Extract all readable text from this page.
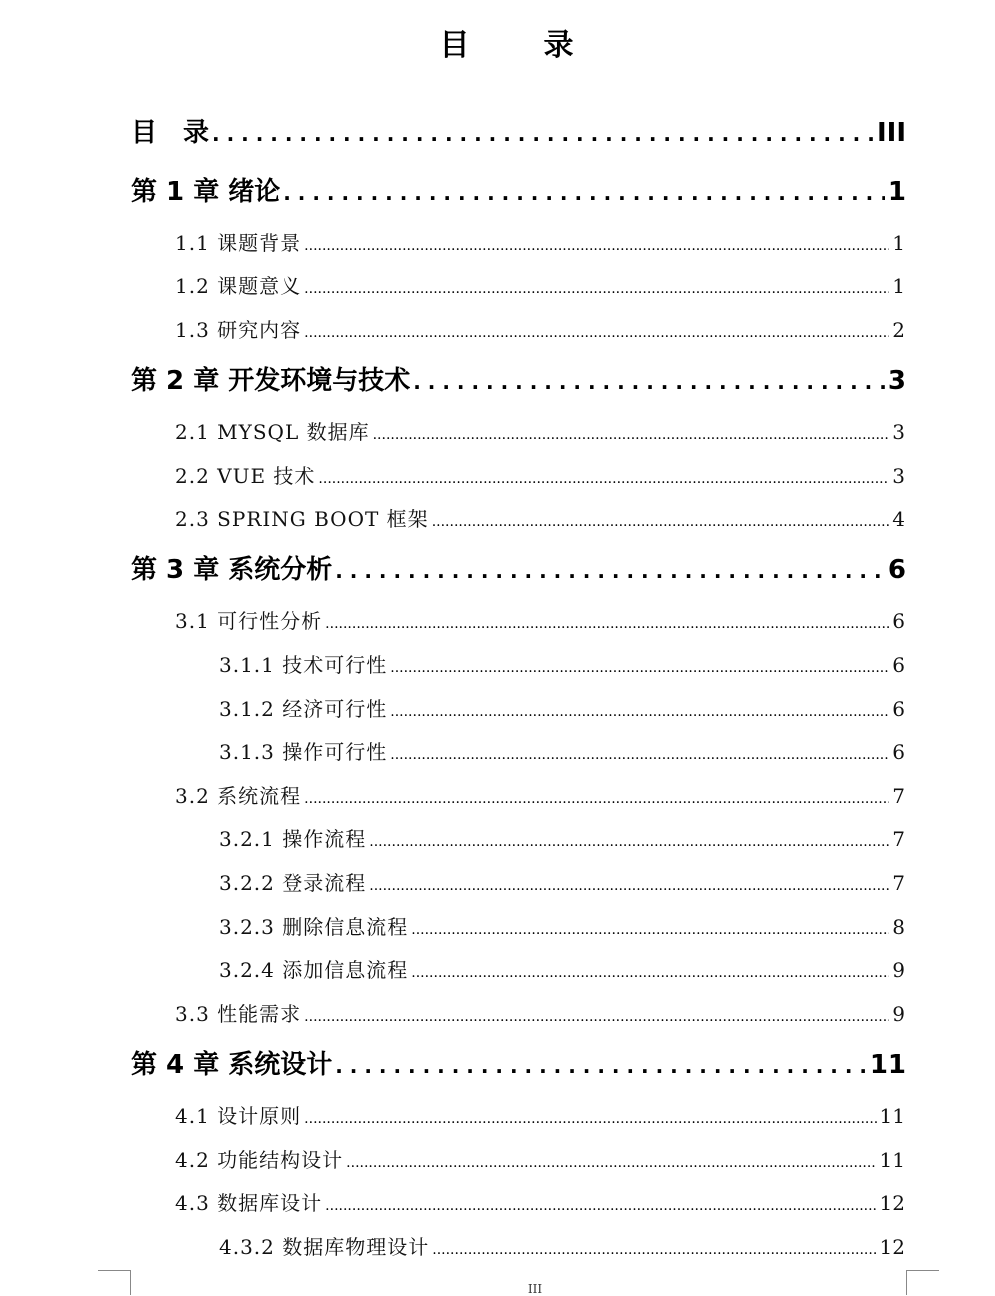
目　录
目　录 . . .	III
第 1 章 绪论 . . .	1
1.1 课题背景 .....	1
1.2 课题意义 .....	1
1.3 研究内容 .....	2
第 2 章 开发环境与技术 . . .	3
2.1 MYSQL 数据库 .....	3
2.2 VUE 技术 .....	3
2.3 SPRING BOOT 框架 .....	4
第 3 章 系统分析 . . .	6
3.1 可行性分析 .....	6
3.1.1 技术可行性 .....	6
3.1.2 经济可行性 .....	6
3.1.3 操作可行性 .....	6
3.2 系统流程 .....	7
3.2.1 操作流程 .....	7
3.2.2 登录流程 .....	7
3.2.3 删除信息流程 .....	8
3.2.4 添加信息流程 .....	9
3.3 性能需求 .....	9
第 4 章 系统设计 . . .	11
4.1 设计原则 .....	11
4.2 功能结构设计 .....	11
4.3 数据库设计 .....	12
4.3.2 数据库物理设计 .....	12
III
